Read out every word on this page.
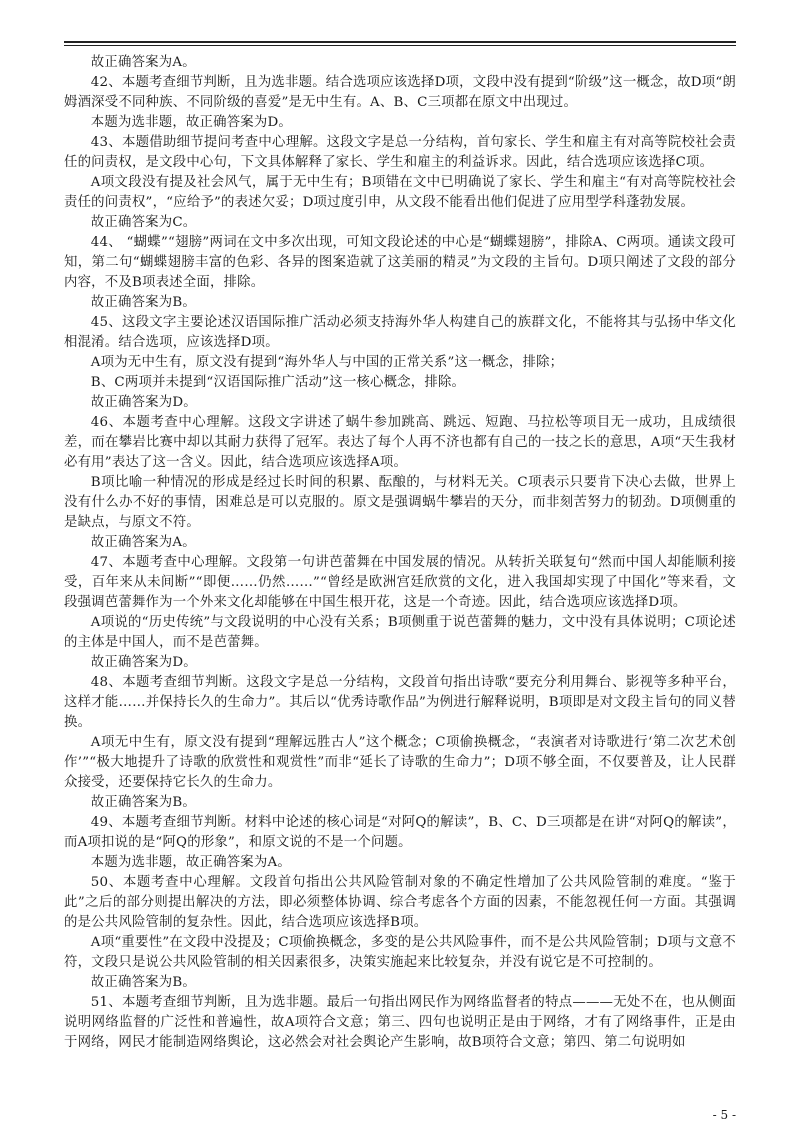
故正确答案为A。

42、本题考查细节判断，且为选非题。结合选项应该选择D项，文段中没有提到“阶级”这一概念，故D项“朗姆酒深受不同种族、不同阶级的喜爱”是无中生有。A、B、C三项都在原文中出现过。

本题为选非题，故正确答案为D。

43、本题借助细节提问考查中心理解。这段文字是总一分结构，首句家长、学生和雇主有对高等院校社会责任的问责权，是文段中心句，下文具体解释了家长、学生和雇主的利益诉求。因此，结合选项应该选择C项。

A项文段没有提及社会风气，属于无中生有；B项错在文中已明确说了家长、学生和雇主“有对高等院校社会责任的问责权”，“应给予”的表述欠妥；D项过度引申，从文段不能看出他们促进了应用型学科蓬勃发展。

故正确答案为C。

44、 “蝴蝶”“翅膀”两词在文中多次出现，可知文段论述的中心是“蝴蝶翅膀”，排除A、C两项。通读文段可知，第二句“蝴蝶翅膀丰富的色彩、各异的图案造就了这美丽的精灵”为文段的主旨句。D项只阐述了文段的部分内容，不及B项表述全面，排除。

故正确答案为B。

45、这段文字主要论述汉语国际推广活动必须支持海外华人构建自己的族群文化，不能将其与弘扬中华文化相混淆。结合选项，应该选择D项。

A项为无中生有，原文没有提到“海外华人与中国的正常关系”这一概念，排除；

B、C两项并未提到“汉语国际推广活动”这一核心概念，排除。

故正确答案为D。

46、本题考查中心理解。这段文字讲述了蜗牛参加跳高、跳远、短跑、马拉松等项目无一成功，且成绩很差，而在攀岩比赛中却以其耐力获得了冠军。表达了每个人再不济也都有自己的一技之长的意思，A项“天生我材必有用”表达了这一含义。因此，结合选项应该选择A项。

B项比喻一种情况的形成是经过长时间的积累、酝酿的，与材料无关。C项表示只要肯下决心去做，世界上没有什么办不好的事情，困难总是可以克服的。原文是强调蜗牛攀岩的天分，而非刻苦努力的韧劲。D项侧重的是缺点，与原文不符。

故正确答案为A。

47、本题考查中心理解。文段第一句讲芭蕾舞在中国发展的情况。从转折关联复句“然而中国人却能顺利接受，百年来从未间断”“即便……仍然……”“曾经是欧洲宫廷欣赏的文化，进入我国却实现了中国化”等来看，文段强调芭蕾舞作为一个外来文化却能够在中国生根开花，这是一个奇迹。因此，结合选项应该选择D项。

A项说的“历史传统”与文段说明的中心没有关系；B项侧重于说芭蕾舞的魅力，文中没有具体说明；C项论述的主体是中国人，而不是芭蕾舞。

故正确答案为D。

48、本题考查细节判断。这段文字是总一分结构，文段首句指出诗歌“要充分利用舞台、影视等多种平台，这样才能……并保持长久的生命力”。其后以“优秀诗歌作品”为例进行解释说明，B项即是对文段主旨句的同义替换。

A项无中生有，原文没有提到“理解远胜古人”这个概念；C项偷换概念，“表演者对诗歌进行‘第二次艺术创作’”“极大地提升了诗歌的欣赏性和观赏性”而非“延长了诗歌的生命力”；D项不够全面，不仅要普及，让人民群众接受，还要保持它长久的生命力。

故正确答案为B。

49、本题考查细节判断。材料中论述的核心词是“对阿Q的解读”，B、C、D三项都是在讲“对阿Q的解读”，而A项扣说的是“阿Q的形象”，和原文说的不是一个问题。

本题为选非题，故正确答案为A。

50、本题考查中心理解。文段首句指出公共风险管制对象的不确定性增加了公共风险管制的难度。“鉴于此”之后的部分则提出解决的方法，即必须整体协调、综合考虑各个方面的因素，不能忽视任何一方面。其强调的是公共风险管制的复杂性。因此，结合选项应该选择B项。

A项“重要性”在文段中没提及；C项偷换概念，多变的是公共风险事件，而不是公共风险管制；D项与文意不符，文段只是说公共风险管制的相关因素很多，决策实施起来比较复杂，并没有说它是不可控制的。

故正确答案为B。

51、本题考查细节判断，且为选非题。最后一句指出网民作为网络监督者的特点———无处不在，也从侧面说明网络监督的广泛性和普遍性，故A项符合文意；第三、四句也说明正是由于网络，才有了网络事件，正是由于网络，网民才能制造网络舆论，这必然会对社会舆论产生影响，故B项符合文意；第四、第二句说明如

- 5 -
